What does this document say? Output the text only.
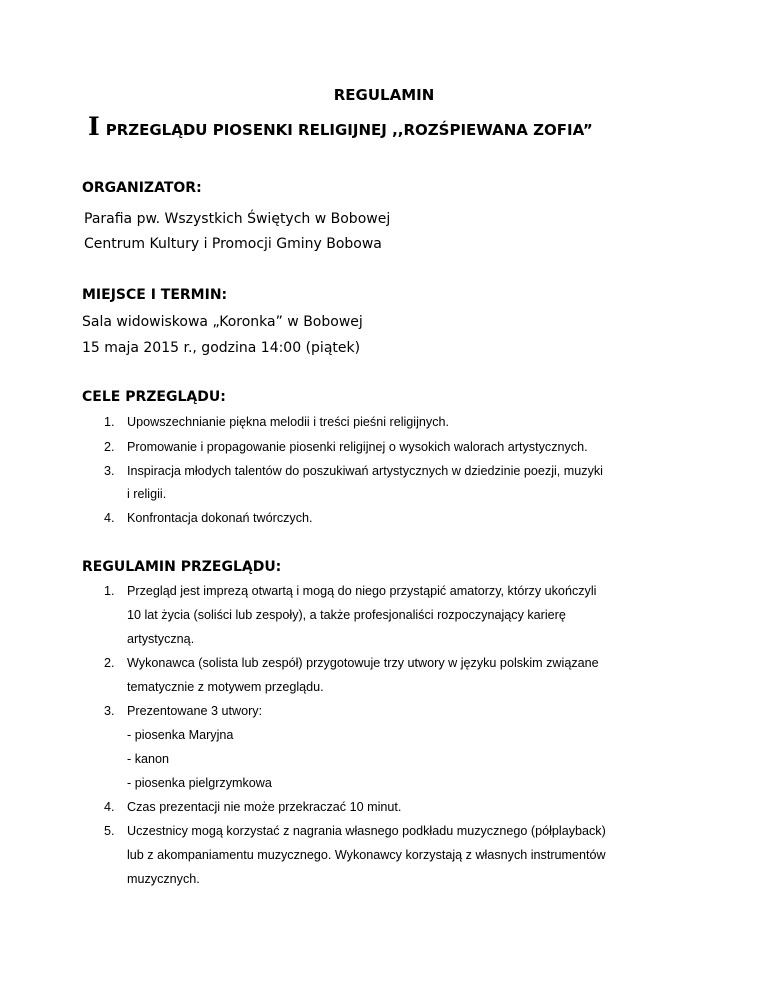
REGULAMIN
IPRZEGLĄDU PIOSENKI RELIGIJNEJ ,,ROZŚPIEWANA ZOFIA”
ORGANIZATOR:
Parafia pw. Wszystkich Świętych w Bobowej
Centrum Kultury i Promocji Gminy Bobowa
MIEJSCE I TERMIN:
Sala widowiskowa „Koronka” w Bobowej
15 maja 2015 r., godzina 14:00 (piątek)
CELE PRZEGLĄDU:
1. Upowszechnianie piękna melodii i treści pieśni religijnych.
2. Promowanie i propagowanie piosenki religijnej o wysokich walorach artystycznych.
3. Inspiracja młodych talentów do poszukiwań artystycznych w dziedzinie poezji, muzyki
i religii.
4. Konfrontacja dokonań twórczych.
REGULAMIN PRZEGLĄDU:
1. Przegląd jest imprezą otwartą i mogą do niego przystąpić amatorzy, którzy ukończyli
10 lat życia (soliści lub zespoły), a także profesjonaliści rozpoczynający karierę
artystyczną.
2. Wykonawca (solista lub zespół) przygotowuje trzy utwory w języku polskim związane
tematycznie z motywem przeglądu.
3. Prezentowane 3 utwory:
- piosenka Maryjna
- kanon
- piosenka pielgrzymkowa
4. Czas prezentacji nie może przekraczać 10 minut.
5. Uczestnicy mogą korzystać z nagrania własnego podkładu muzycznego (półplayback)
lub z akompaniamentu muzycznego. Wykonawcy korzystają z własnych instrumentów
muzycznych.
